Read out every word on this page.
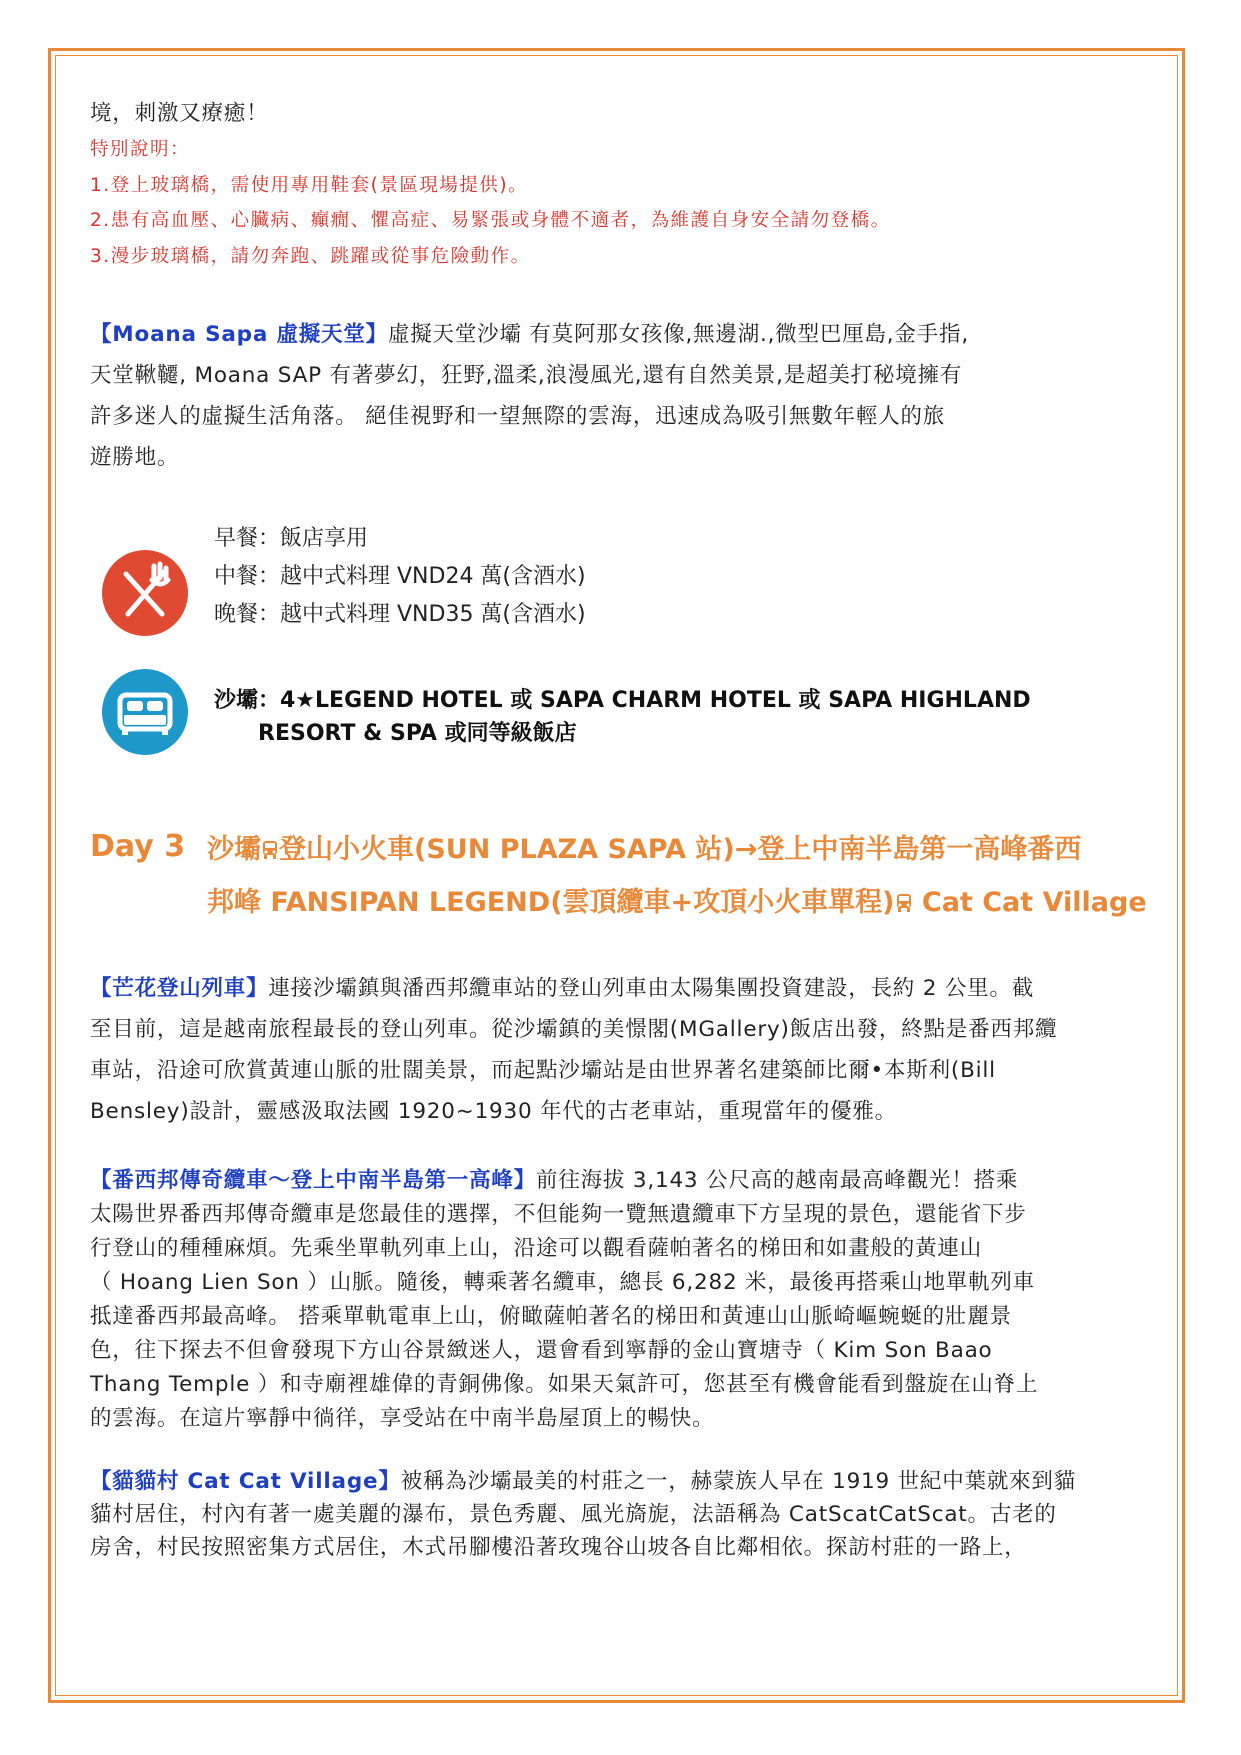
境，刺激又療癒！

特別說明：

1.登上玻璃橋，需使用專用鞋套(景區現場提供)。

2.患有高血壓、心臟病、癲癇、懼高症、易緊張或身體不適者，為維護自身安全請勿登橋。

3.漫步玻璃橋，請勿奔跑、跳躍或從事危險動作。

【Moana Sapa 虛擬天堂】虛擬天堂沙壩 有莫阿那女孩像,無邊湖.,微型巴厘島,金手指,

天堂鞦韆, Moana SAP 有著夢幻，狂野,溫柔,浪漫風光,還有自然美景,是超美打秘境擁有

許多迷人的虛擬生活角落。 絕佳視野和一望無際的雲海，迅速成為吸引無數年輕人的旅

遊勝地。

早餐：飯店享用
中餐：越中式料理 VND24 萬(含酒水)
晚餐：越中式料理 VND35 萬(含酒水)
沙壩：4★LEGEND HOTEL 或 SAPA CHARM HOTEL 或 SAPA HIGHLAND
RESORT & SPA 或同等級飯店
Day 3 沙壩 登山小火車(SUN PLAZA SAPA 站)→登上中南半島第一高峰番西
邦峰 FANSIPAN LEGEND(雲頂纜車+攻頂小火車單程) Cat Cat Village

【芒花登山列車】連接沙壩鎮與潘西邦纜車站的登山列車由太陽集團投資建設，長約 2 公里。截

至目前，這是越南旅程最長的登山列車。從沙壩鎮的美憬閣(MGallery)飯店出發，終點是番西邦纜

車站，沿途可欣賞黃連山脈的壯闊美景，而起點沙壩站是由世界著名建築師比爾•本斯利(Bill

Bensley)設計，靈感汲取法國 1920~1930 年代的古老車站，重現當年的優雅。

【番西邦傳奇纜車～登上中南半島第一高峰】前往海拔 3,143 公尺高的越南最高峰觀光！搭乘

太陽世界番西邦傳奇纜車是您最佳的選擇，不但能夠一覽無遺纜車下方呈現的景色，還能省下步

行登山的種種麻煩。先乘坐單軌列車上山，沿途可以觀看薩帕著名的梯田和如畫般的黃連山

（ Hoang Lien Son ）山脈。隨後，轉乘著名纜車，總長 6,282 米，最後再搭乘山地單軌列車

抵達番西邦最高峰。 搭乘單軌電車上山，俯瞰薩帕著名的梯田和黃連山山脈崎嶇蜿蜒的壯麗景

色，往下探去不但會發現下方山谷景緻迷人，還會看到寧靜的金山寶塘寺（ Kim Son Baao

Thang Temple ）和寺廟裡雄偉的青銅佛像。如果天氣許可，您甚至有機會能看到盤旋在山脊上

的雲海。在這片寧靜中徜徉，享受站在中南半島屋頂上的暢快。

【貓貓村 Cat Cat Village】被稱為沙壩最美的村莊之一，赫蒙族人早在 1919 世紀中葉就來到貓

貓村居住，村內有著一處美麗的瀑布，景色秀麗、風光旖旎，法語稱為 CatScatCatScat。古老的

房舍，村民按照密集方式居住，木式吊腳樓沿著玫瑰谷山坡各自比鄰相依。探訪村莊的一路上，
